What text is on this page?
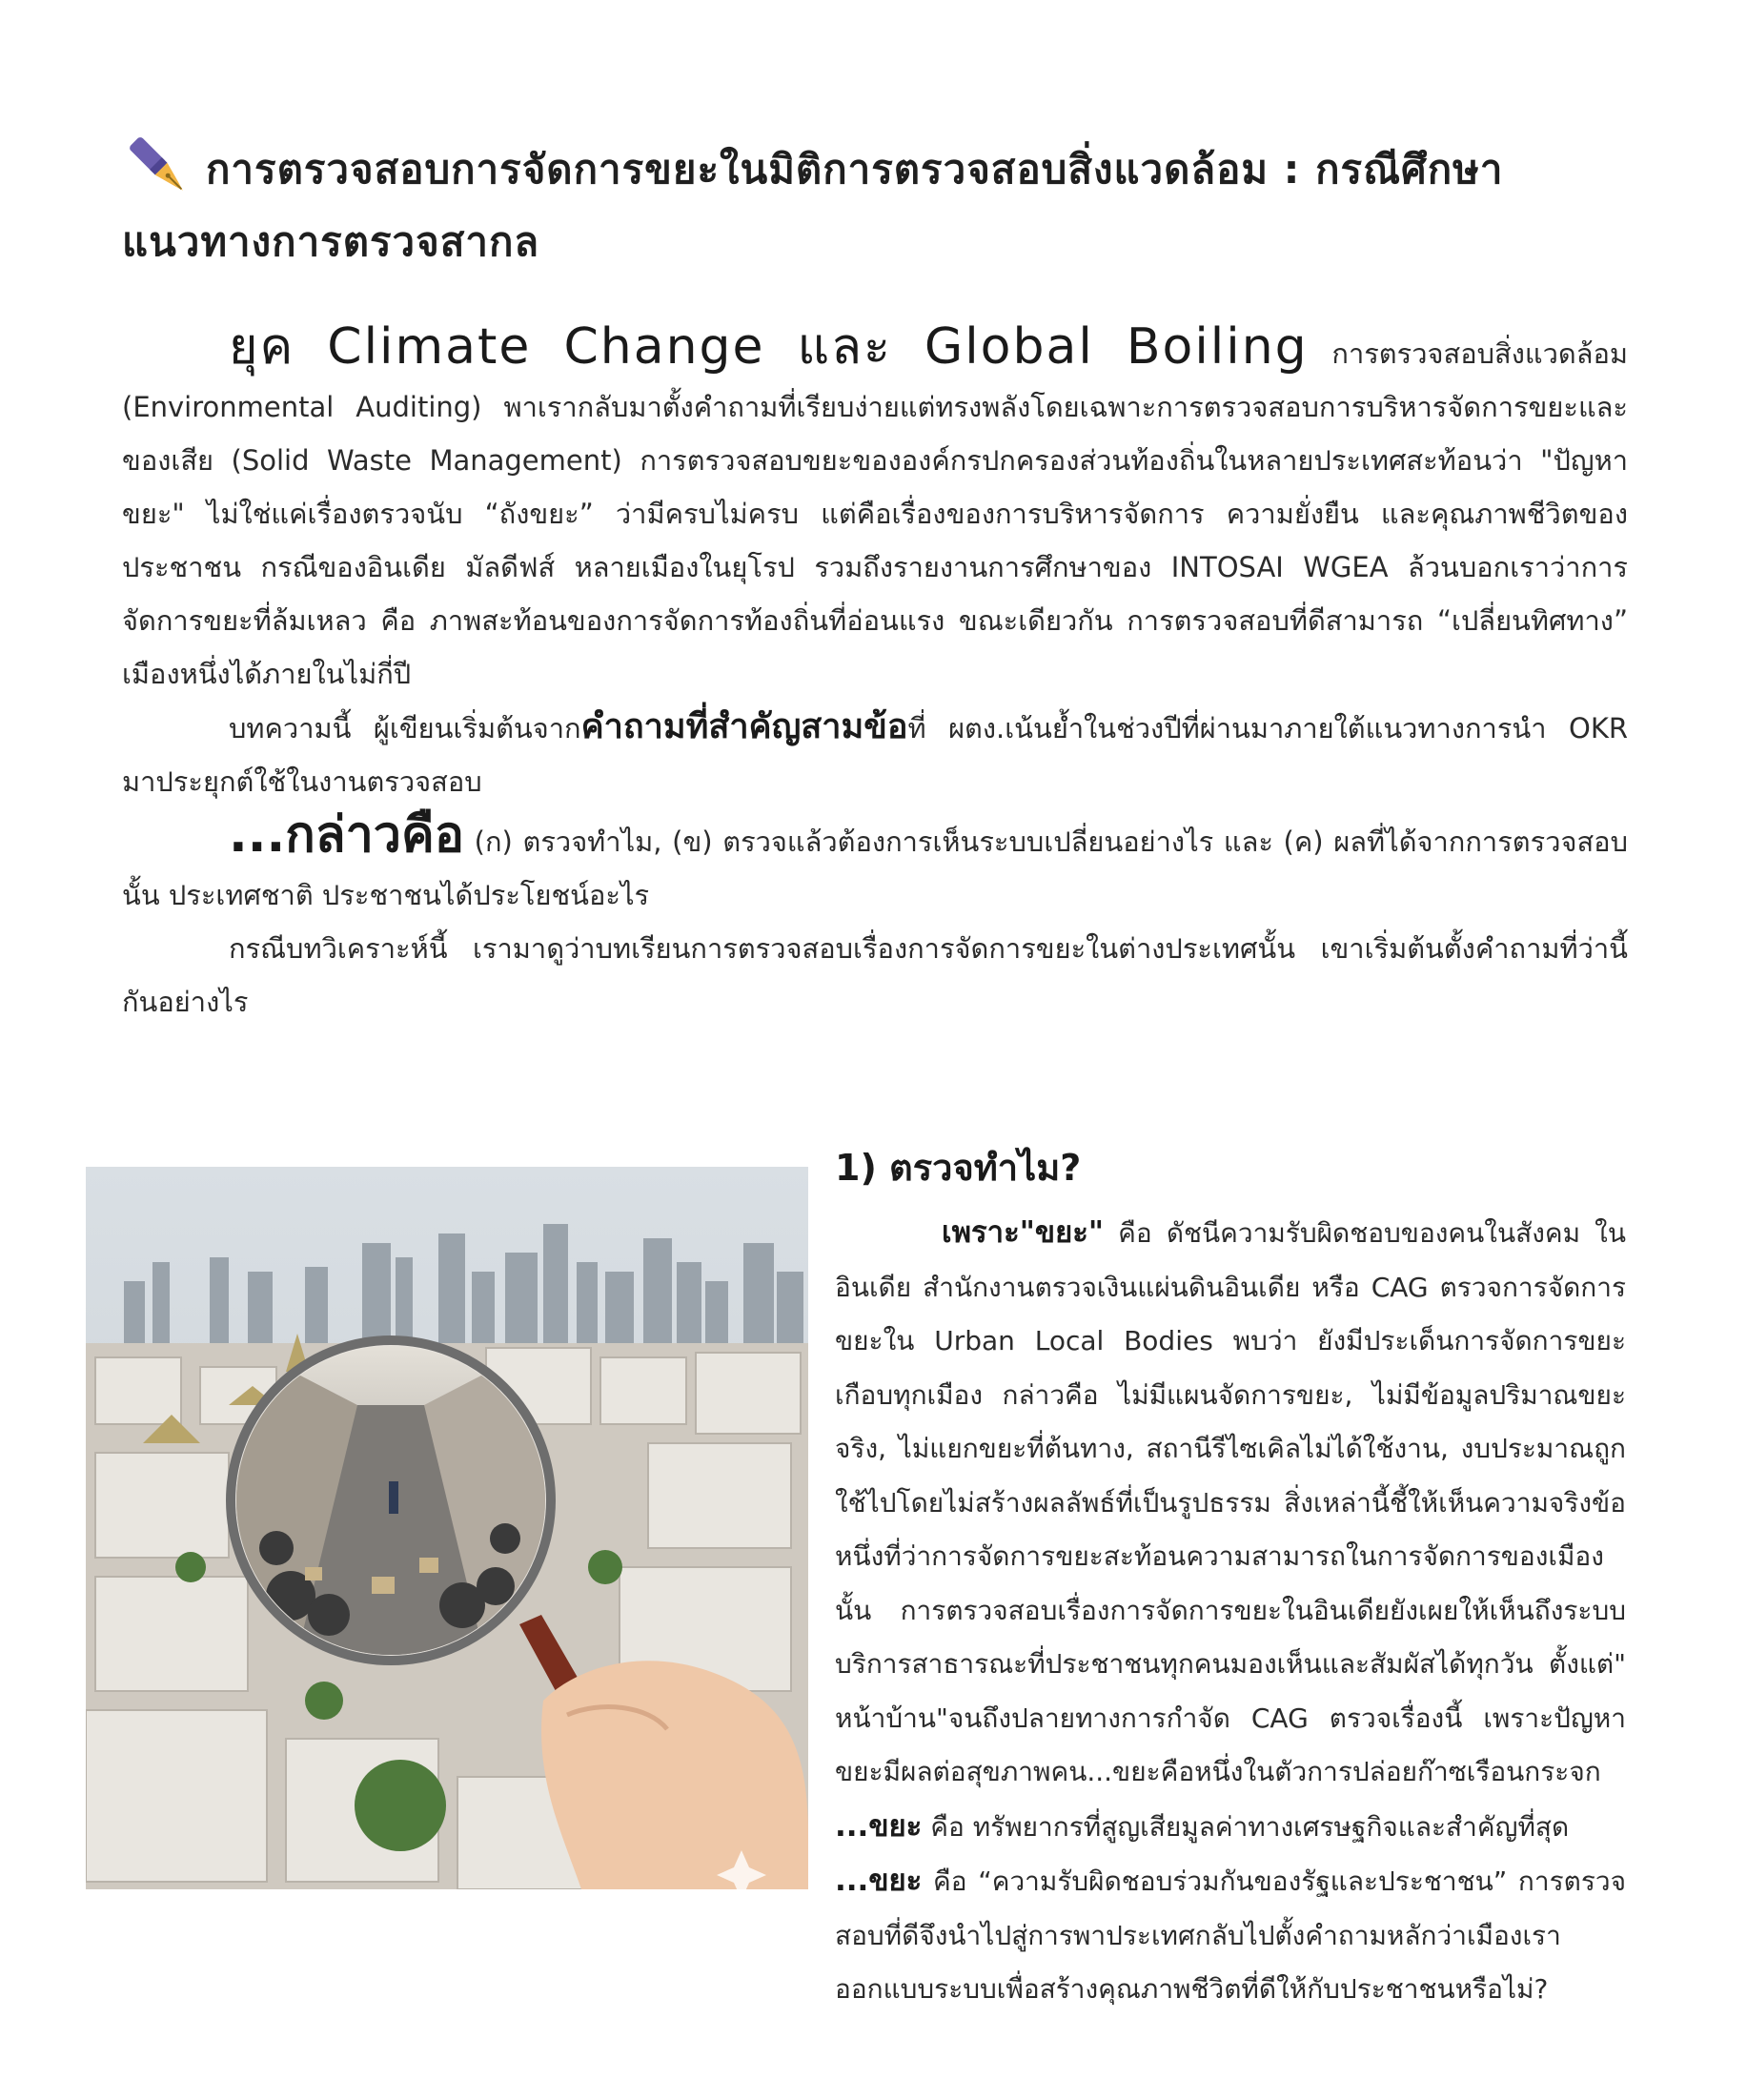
การตรวจสอบการจัดการขยะในมิติการตรวจสอบสิ่งแวดล้อม : กรณีศึกษา
แนวทางการตรวจสากล

ยุค Climate Change และ Global Boiling การตรวจสอบสิ่งแวดล้อม (Environmental Auditing) พาเรากลับมาตั้งคำถามที่เรียบง่ายแต่ทรงพลังโดยเฉพาะการตรวจสอบการบริหารจัดการขยะและของเสีย (Solid Waste Management) การตรวจสอบขยะขององค์กรปกครองส่วนท้องถิ่นในหลายประเทศสะท้อนว่า "ปัญหาขยะ" ไม่ใช่แค่เรื่องตรวจนับ “ถังขยะ” ว่ามีครบไม่ครบ แต่คือเรื่องของการบริหารจัดการ ความยั่งยืน และคุณภาพชีวิตของประชาชน กรณีของอินเดีย มัลดีฟส์ หลายเมืองในยุโรป รวมถึงรายงานการศึกษาของ INTOSAI WGEA ล้วนบอกเราว่าการจัดการขยะที่ล้มเหลว คือ ภาพสะท้อนของการจัดการท้องถิ่นที่อ่อนแรง ขณะเดียวกัน การตรวจสอบที่ดีสามารถ “เปลี่ยนทิศทาง” เมืองหนึ่งได้ภายในไม่กี่ปี

บทความนี้ ผู้เขียนเริ่มต้นจากคำถามที่สำคัญสามข้อที่ ผตง.เน้นย้ำในช่วงปีที่ผ่านมาภายใต้แนวทางการนำ OKR มาประยุกต์ใช้ในงานตรวจสอบ

...กล่าวคือ (ก) ตรวจทำไม, (ข) ตรวจแล้วต้องการเห็นระบบเปลี่ยนอย่างไร และ (ค) ผลที่ได้จากการตรวจสอบนั้น ประเทศชาติ ประชาชนได้ประโยชน์อะไร

กรณีบทวิเคราะห์นี้ เรามาดูว่าบทเรียนการตรวจสอบเรื่องการจัดการขยะในต่างประเทศนั้น เขาเริ่มต้นตั้งคำถามที่ว่านี้กันอย่างไร

1) ตรวจทำไม?

เพราะ"ขยะ" คือ ดัชนีความรับผิดชอบของคนในสังคม ในอินเดีย สำนักงานตรวจเงินแผ่นดินอินเดีย หรือ CAG ตรวจการจัดการขยะใน Urban Local Bodies พบว่า ยังมีประเด็นการจัดการขยะเกือบทุกเมือง กล่าวคือ ไม่มีแผนจัดการขยะ, ไม่มีข้อมูลปริมาณขยะจริง, ไม่แยกขยะที่ต้นทาง, สถานีรีไซเคิลไม่ได้ใช้งาน, งบประมาณถูกใช้ไปโดยไม่สร้างผลลัพธ์ที่เป็นรูปธรรม สิ่งเหล่านี้ชี้ให้เห็นความจริงข้อหนึ่งที่ว่าการจัดการขยะสะท้อนความสามารถในการจัดการของเมืองนั้น การตรวจสอบเรื่องการจัดการขยะในอินเดียยังเผยให้เห็นถึงระบบบริการสาธารณะที่ประชาชนทุกคนมองเห็นและสัมผัสได้ทุกวัน ตั้งแต่" หน้าบ้าน"จนถึงปลายทางการกำจัด CAG ตรวจเรื่องนี้ เพราะปัญหาขยะมีผลต่อสุขภาพคน...ขยะคือหนึ่งในตัวการปล่อยก๊าซเรือนกระจก

...ขยะ คือ ทรัพยากรที่สูญเสียมูลค่าทางเศรษฐกิจและสำคัญที่สุด

...ขยะ คือ “ความรับผิดชอบร่วมกันของรัฐและประชาชน” การตรวจสอบที่ดีจึงนำไปสู่การพาประเทศกลับไปตั้งคำถามหลักว่าเมืองเราออกแบบระบบเพื่อสร้างคุณภาพชีวิตที่ดีให้กับประชาชนหรือไม่?
